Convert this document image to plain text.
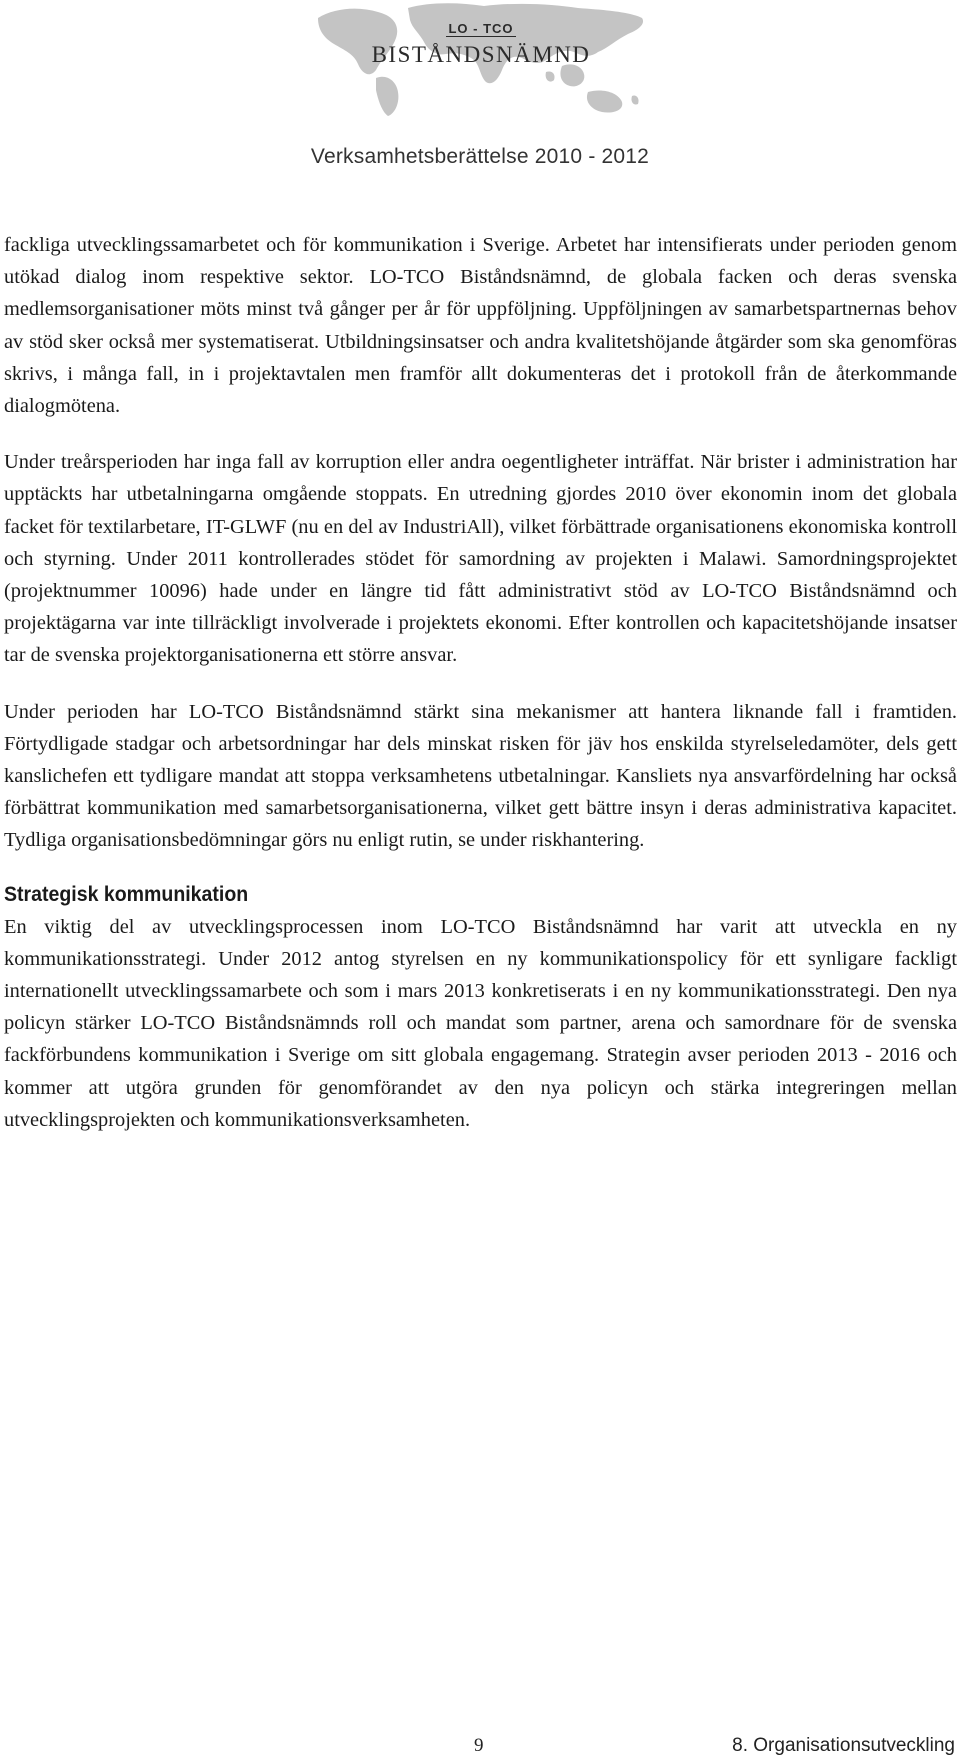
LO - TCO
BISTÅNDSNÄMND
Verksamhetsberättelse 2010 - 2012

fackliga utvecklingssamarbetet och för kommunikation i Sverige. Arbetet har intensifierats under perioden genom utökad dialog inom respektive sektor. LO-TCO Biståndsnämnd, de globala facken och deras svenska medlemsorganisationer möts minst två gånger per år för uppföljning. Uppföljningen av samarbetspartnernas behov av stöd sker också mer systematiserat. Utbildningsinsatser och andra kvalitetshöjande åtgärder som ska genomföras skrivs, i många fall, in i projektavtalen men framför allt dokumenteras det i protokoll från de återkommande dialogmötena.

Under treårsperioden har inga fall av korruption eller andra oegentligheter inträffat. När brister i administration har upptäckts har utbetalningarna omgående stoppats. En utredning gjordes 2010 över ekonomin inom det globala facket för textilarbetare, IT-GLWF (nu en del av IndustriAll), vilket förbättrade organisationens ekonomiska kontroll och styrning. Under 2011 kontrollerades stödet för samordning av projekten i Malawi. Samordningsprojektet (projektnummer 10096) hade under en längre tid fått administrativt stöd av LO-TCO Biståndsnämnd och projektägarna var inte tillräckligt involverade i projektets ekonomi. Efter kontrollen och kapacitetshöjande insatser tar de svenska projektorganisationerna ett större ansvar.

Under perioden har LO-TCO Biståndsnämnd stärkt sina mekanismer att hantera liknande fall i framtiden. Förtydligade stadgar och arbetsordningar har dels minskat risken för jäv hos enskilda styrelseledamöter, dels gett kanslichefen ett tydligare mandat att stoppa verksamhetens utbetalningar. Kansliets nya ansvarfördelning har också förbättrat kommunikation med samarbetsorganisationerna, vilket gett bättre insyn i deras administrativa kapacitet. Tydliga organisationsbedömningar görs nu enligt rutin, se under riskhantering.

Strategisk kommunikation

En viktig del av utvecklingsprocessen inom LO-TCO Biståndsnämnd har varit att utveckla en ny kommunikationsstrategi. Under 2012 antog styrelsen en ny kommunikationspolicy för ett synligare fackligt internationellt utvecklingssamarbete och som i mars 2013 konkretiserats i en ny kommunikationsstrategi. Den nya policyn stärker LO-TCO Biståndsnämnds roll och mandat som partner, arena och samordnare för de svenska fackförbundens kommunikation i Sverige om sitt globala engagemang. Strategin avser perioden 2013 - 2016 och kommer att utgöra grunden för genomförandet av den nya policyn och stärka integreringen mellan utvecklingsprojekten och kommunikationsverksamheten.

9	8. Organisationsutveckling
